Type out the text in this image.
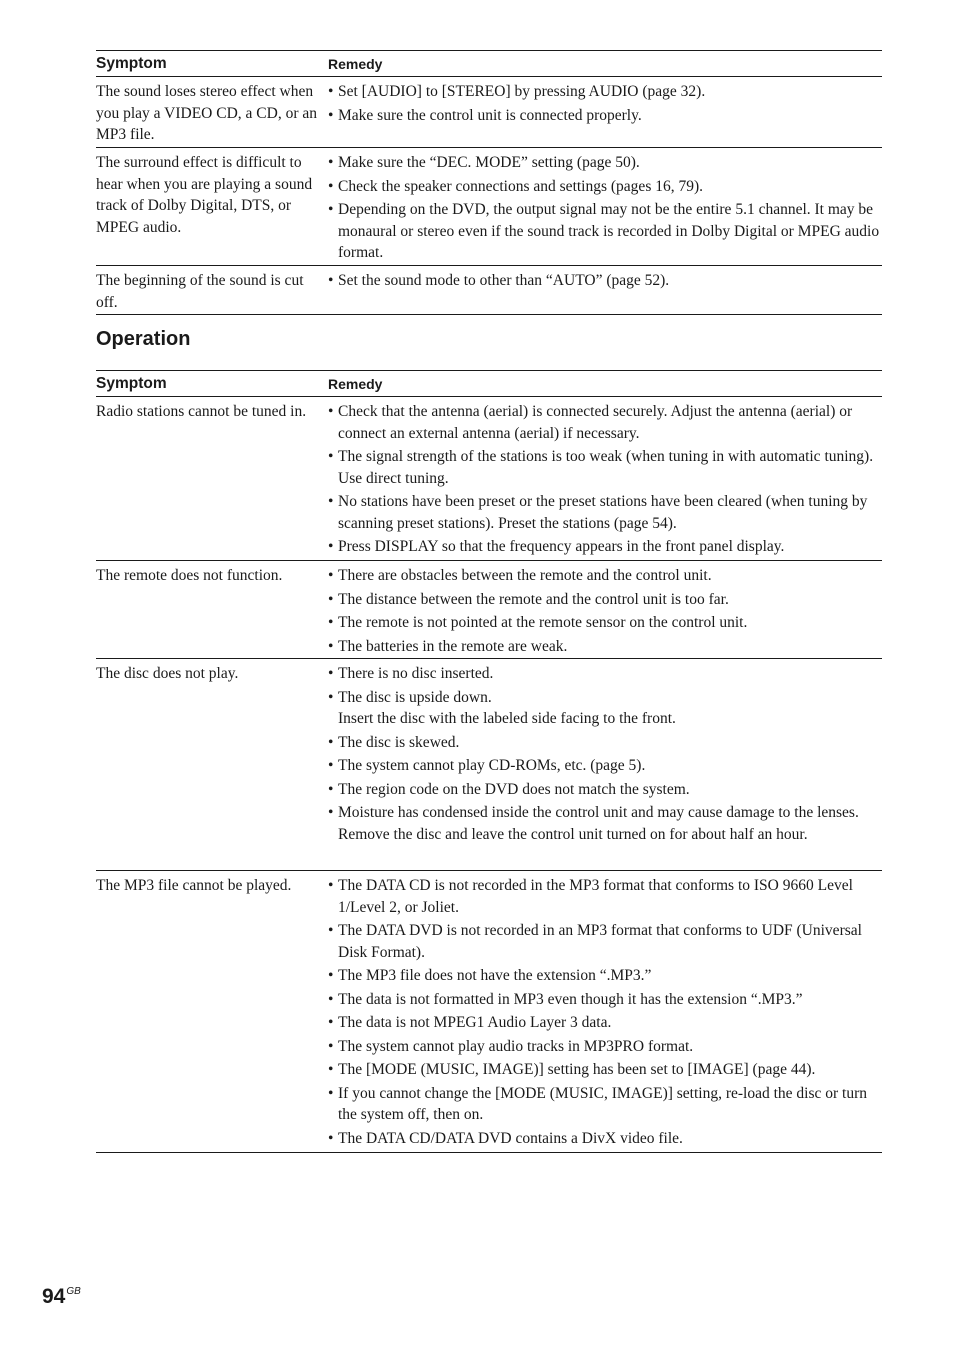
Symptom	Remedy
The sound loses stereo effect when you play a VIDEO CD, a CD, or an MP3 file.
• Set [AUDIO] to [STEREO] by pressing AUDIO (page 32).
• Make sure the control unit is connected properly.
The surround effect is difficult to hear when you are playing a sound track of Dolby Digital, DTS, or MPEG audio.
• Make sure the “DEC. MODE” setting (page 50).
• Check the speaker connections and settings (pages 16, 79).
• Depending on the DVD, the output signal may not be the entire 5.1 channel. It may be monaural or stereo even if the sound track is recorded in Dolby Digital or MPEG audio format.
The beginning of the sound is cut off.
• Set the sound mode to other than “AUTO” (page 52).
Operation
Symptom	Remedy
Radio stations cannot be tuned in.	• Check that the antenna (aerial) is connected securely. Adjust the antenna (aerial) or connect an external antenna (aerial) if necessary.
• The signal strength of the stations is too weak (when tuning in with automatic tuning). Use direct tuning.
• No stations have been preset or the preset stations have been cleared (when tuning by scanning preset stations). Preset the stations (page 54).
• Press DISPLAY so that the frequency appears in the front panel display.
The remote does not function.	• There are obstacles between the remote and the control unit.
• The distance between the remote and the control unit is too far.
• The remote is not pointed at the remote sensor on the control unit.
• The batteries in the remote are weak.
The disc does not play.	• There is no disc inserted.
• The disc is upside down.
Insert the disc with the labeled side facing to the front.
• The disc is skewed.
• The system cannot play CD-ROMs, etc. (page 5).
• The region code on the DVD does not match the system.
• Moisture has condensed inside the control unit and may cause damage to the lenses. Remove the disc and leave the control unit turned on for about half an hour.
The MP3 file cannot be played.	• The DATA CD is not recorded in the MP3 format that conforms to ISO 9660 Level 1/Level 2, or Joliet.
• The DATA DVD is not recorded in an MP3 format that conforms to UDF (Universal Disk Format).
• The MP3 file does not have the extension “.MP3.”
• The data is not formatted in MP3 even though it has the extension “.MP3.”
• The data is not MPEG1 Audio Layer 3 data.
• The system cannot play audio tracks in MP3PRO format.
• The [MODE (MUSIC, IMAGE)] setting has been set to [IMAGE] (page 44).
• If you cannot change the [MODE (MUSIC, IMAGE)] setting, re-load the disc or turn the system off, then on.
• The DATA CD/DATA DVD contains a DivX video file.
$94^{GB}$
